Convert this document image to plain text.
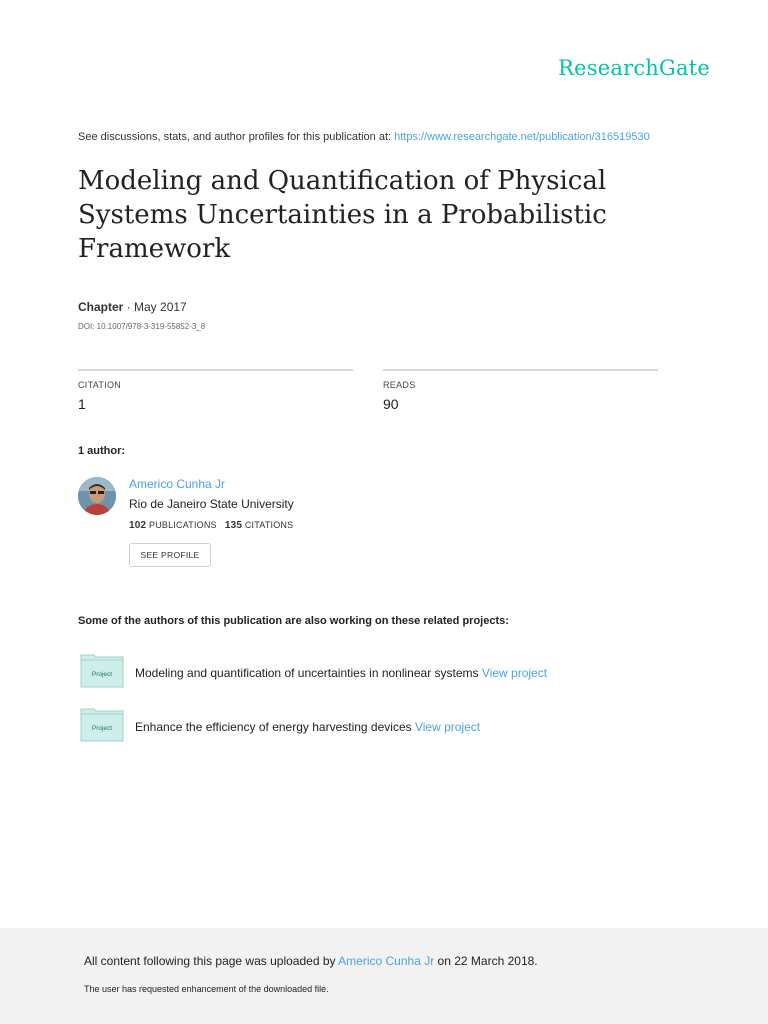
ResearchGate
See discussions, stats, and author profiles for this publication at: https://www.researchgate.net/publication/316519530
Modeling and Quantification of Physical Systems Uncertainties in a Probabilistic Framework
Chapter · May 2017
DOI: 10.1007/978-3-319-55852-3_8
CITATION
1
READS
90
1 author:
Americo Cunha Jr
Rio de Janeiro State University
102 PUBLICATIONS 135 CITATIONS
SEE PROFILE
Some of the authors of this publication are also working on these related projects:
Project Modeling and quantification of uncertainties in nonlinear systems View project
Project Enhance the efficiency of energy harvesting devices View project
All content following this page was uploaded by Americo Cunha Jr on 22 March 2018.
The user has requested enhancement of the downloaded file.
